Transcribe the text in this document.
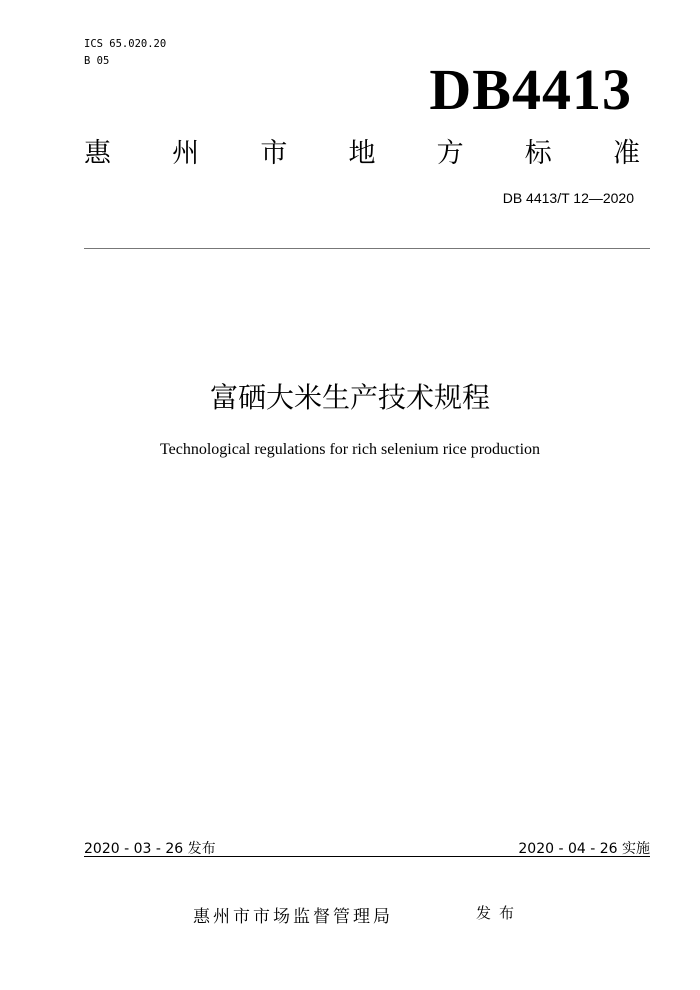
ICS 65.020.20
B 05	DB4413
惠 州 市 地 方 标 准
DB 4413/T 12—2020
富硒大米生产技术规程
Technological regulations for rich selenium rice production
2020 - 03 - 26 发布	2020 - 04 - 26 实施
惠州市市场监督管理局	发布
